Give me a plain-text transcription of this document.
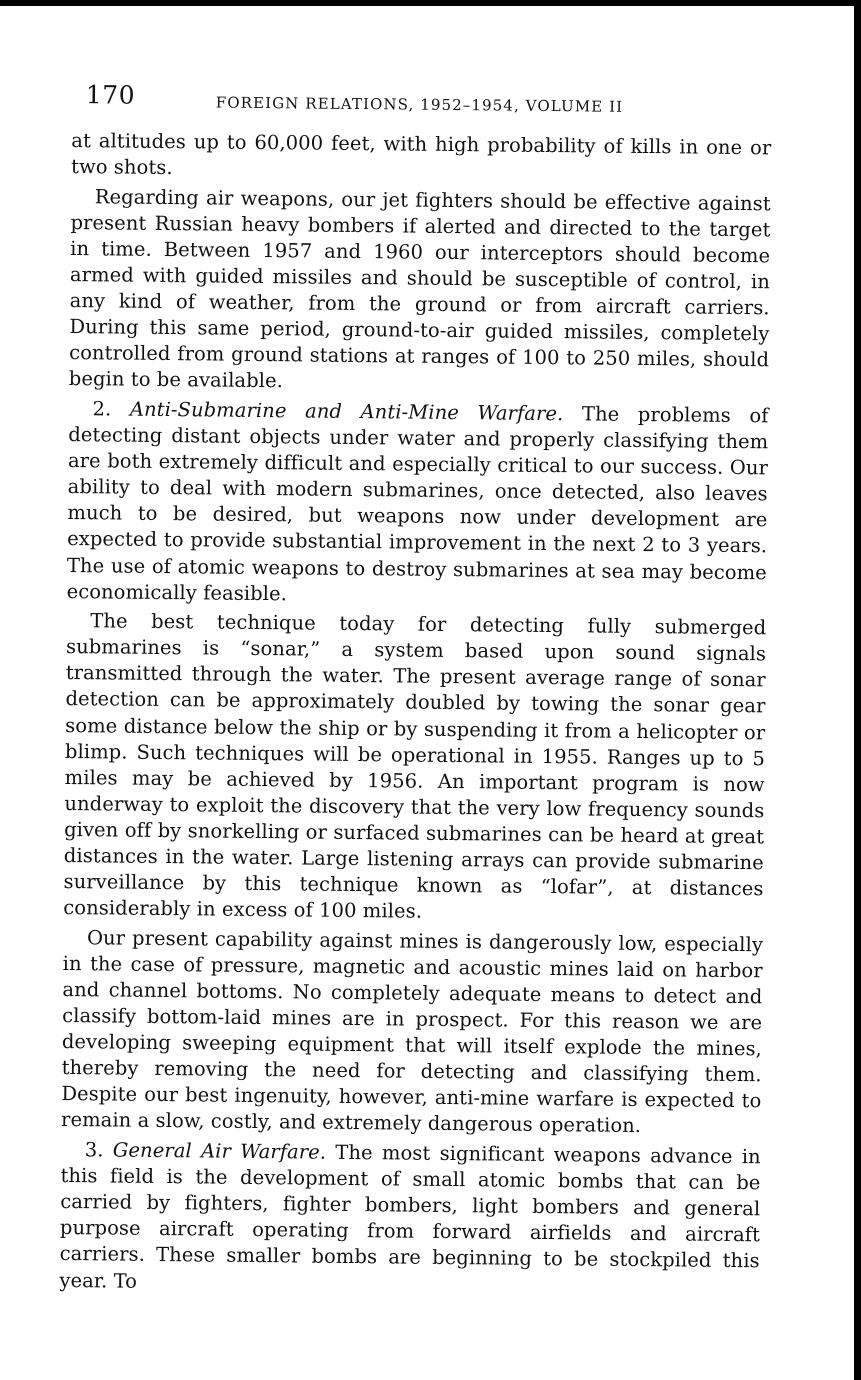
170	FOREIGN RELATIONS, 1952–1954, VOLUME II

at altitudes up to 60,000 feet, with high probability of kills in one or two shots.

Regarding air weapons, our jet fighters should be effective against present Russian heavy bombers if alerted and directed to the target in time. Between 1957 and 1960 our interceptors should become armed with guided missiles and should be susceptible of control, in any kind of weather, from the ground or from aircraft carriers. During this same period, ground-to-air guided missiles, completely controlled from ground stations at ranges of 100 to 250 miles, should begin to be available.

2. Anti-Submarine and Anti-Mine Warfare. The problems of detecting distant objects under water and properly classifying them are both extremely difficult and especially critical to our success. Our ability to deal with modern submarines, once detected, also leaves much to be desired, but weapons now under development are expected to provide substantial improvement in the next 2 to 3 years. The use of atomic weapons to destroy submarines at sea may become economically feasible.

The best technique today for detecting fully submerged submarines is “sonar,” a system based upon sound signals transmitted through the water. The present average range of sonar detection can be approximately doubled by towing the sonar gear some distance below the ship or by suspending it from a helicopter or blimp. Such techniques will be operational in 1955. Ranges up to 5 miles may be achieved by 1956. An important program is now underway to exploit the discovery that the very low frequency sounds given off by snorkelling or surfaced submarines can be heard at great distances in the water. Large listening arrays can provide submarine surveillance by this technique known as “lofar”, at distances considerably in excess of 100 miles.

Our present capability against mines is dangerously low, especially in the case of pressure, magnetic and acoustic mines laid on harbor and channel bottoms. No completely adequate means to detect and classify bottom-laid mines are in prospect. For this reason we are developing sweeping equipment that will itself explode the mines, thereby removing the need for detecting and classifying them. Despite our best ingenuity, however, anti-mine warfare is expected to remain a slow, costly, and extremely dangerous operation.

3. General Air Warfare. The most significant weapons advance in this field is the development of small atomic bombs that can be carried by fighters, fighter bombers, light bombers and general purpose aircraft operating from forward airfields and aircraft carriers. These smaller bombs are beginning to be stockpiled this year. To
